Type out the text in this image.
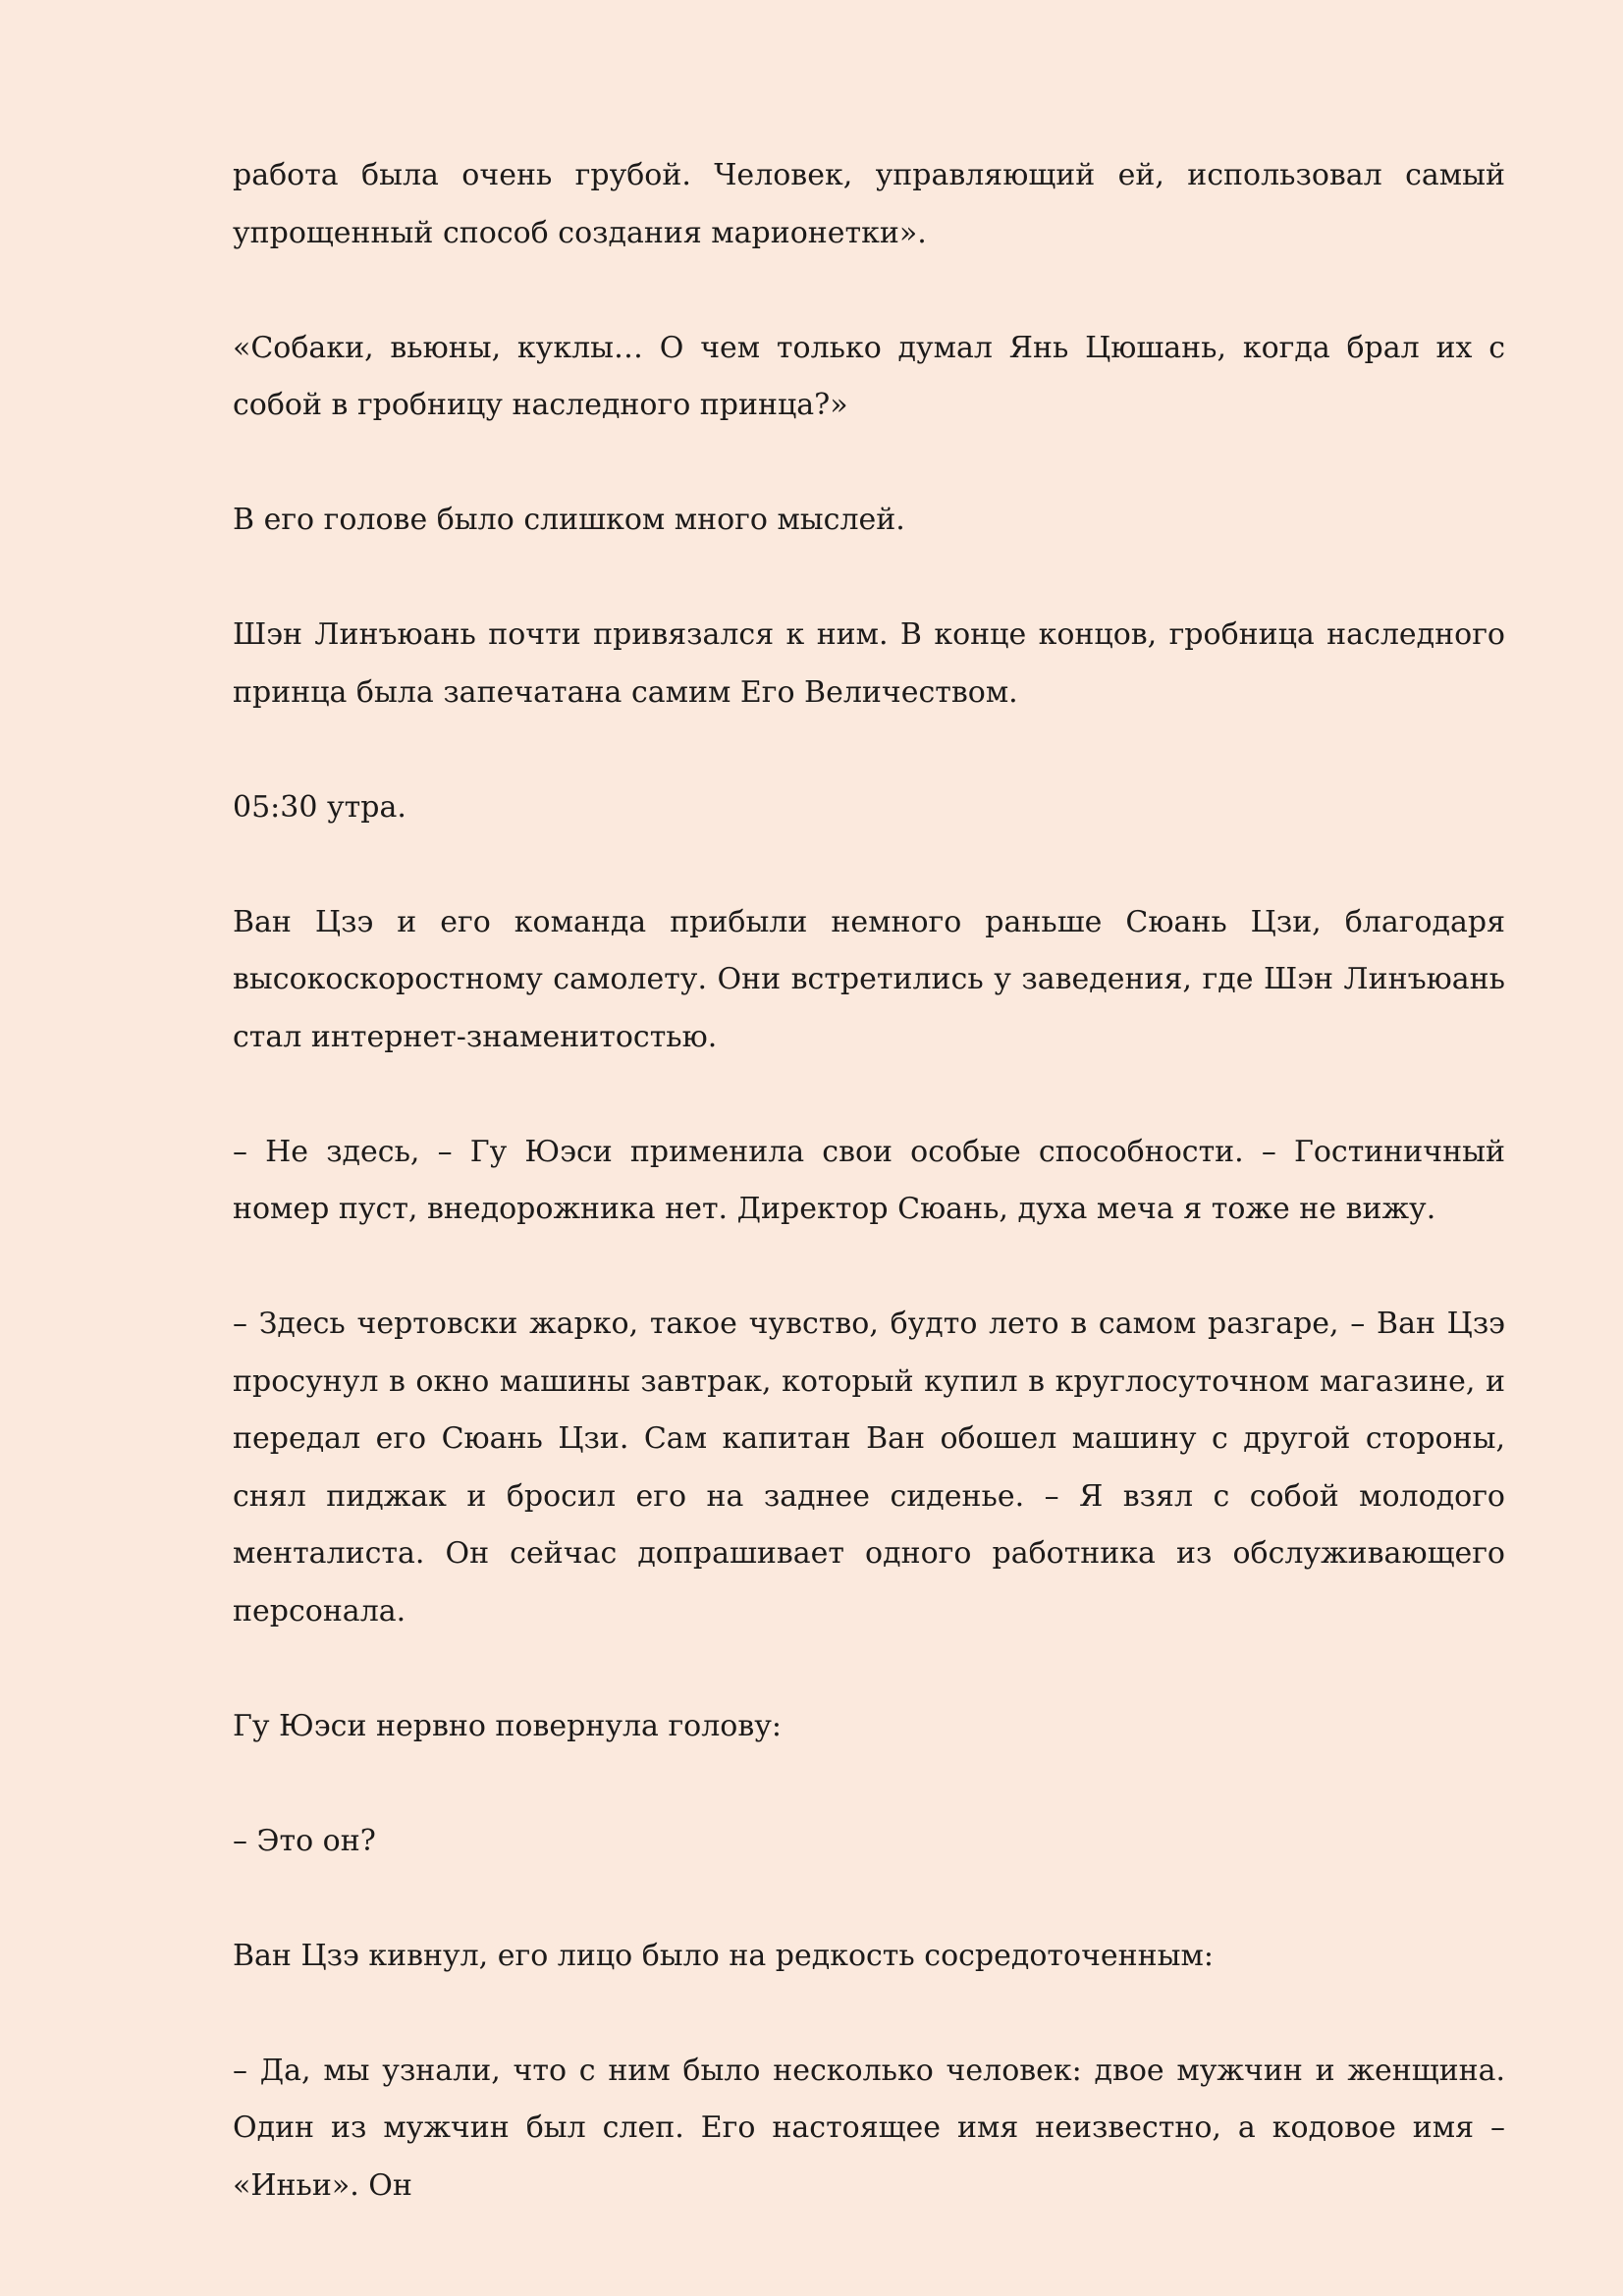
работа была очень грубой. Человек, управляющий ей, использовал самый упрощенный способ создания марионетки».

«Собаки, вьюны, куклы… О чем только думал Янь Цюшань, когда брал их с собой в гробницу наследного принца?»

В его голове было слишком много мыслей.

Шэн Линъюань почти привязался к ним. В конце концов, гробница наследного принца была запечатана самим Его Величеством.

05:30 утра.

Ван Цзэ и его команда прибыли немного раньше Сюань Цзи, благодаря высокоскоростному самолету. Они встретились у заведения, где Шэн Линъюань стал интернет-знаменитостью.

– Не здесь, – Гу Юэси применила свои особые способности. – Гостиничный номер пуст, внедорожника нет. Директор Сюань, духа меча я тоже не вижу.

– Здесь чертовски жарко, такое чувство, будто лето в самом разгаре, – Ван Цзэ просунул в окно машины завтрак, который купил в круглосуточном магазине, и передал его Сюань Цзи. Сам капитан Ван обошел машину с другой стороны, снял пиджак и бросил его на заднее сиденье. – Я взял с собой молодого менталиста. Он сейчас допрашивает одного работника из обслуживающего персонала.

Гу Юэси нервно повернула голову:

– Это он?

Ван Цзэ кивнул, его лицо было на редкость сосредоточенным:

– Да, мы узнали, что с ним было несколько человек: двое мужчин и женщина. Один из мужчин был слеп. Его настоящее имя неизвестно, а кодовое имя – «Иньи». Он
